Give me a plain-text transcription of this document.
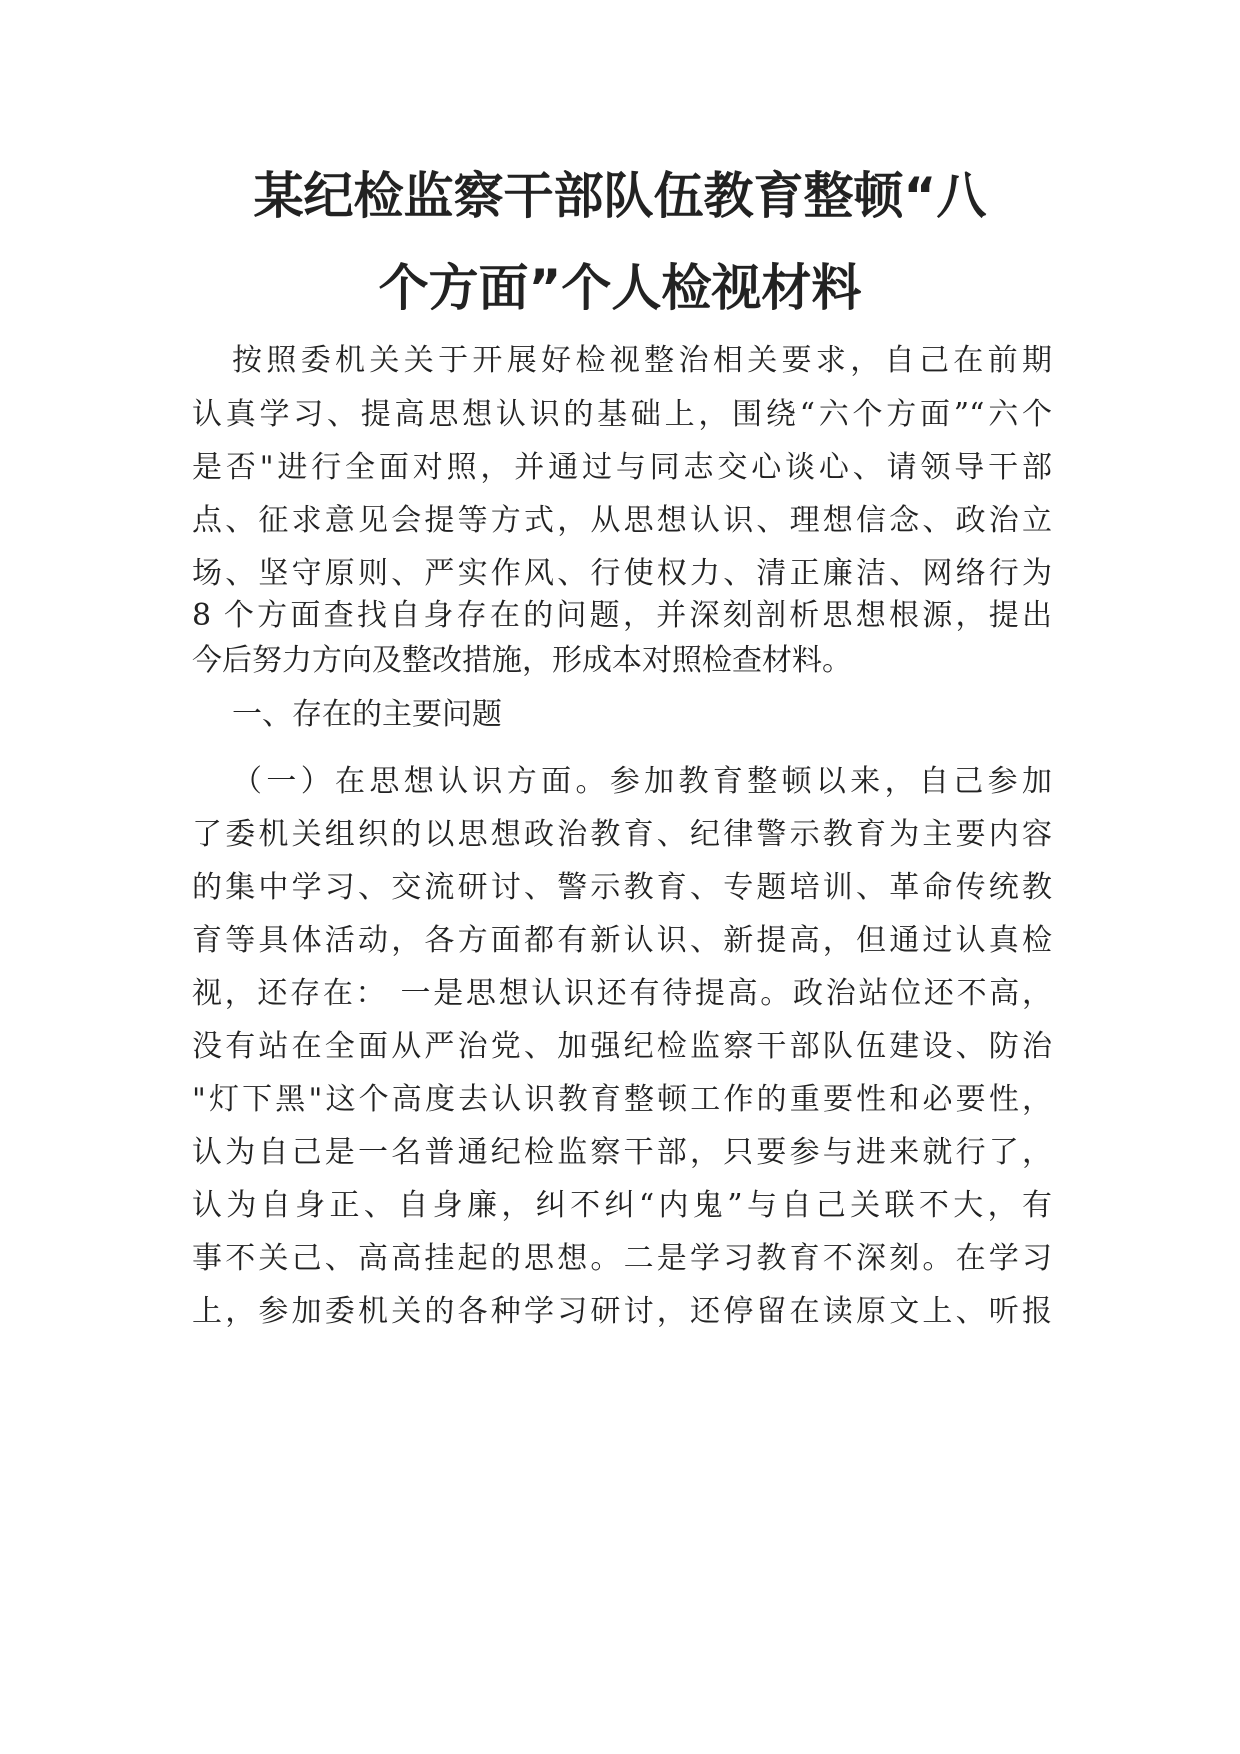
某纪检监察干部队伍教育整顿“八
个方面”个人检视材料
按照委机关关于开展好检视整治相关要求，自己在前期
认真学习、提高思想认识的基础上，围绕“六个方面”“六个
是否"进行全面对照，并通过与同志交心谈心、请领导干部
点、征求意见会提等方式，从思想认识、理想信念、政治立
场、坚守原则、严实作风、行使权力、清正廉洁、网络行为
8 个方面查找自身存在的问题，并深刻剖析思想根源，提出
今后努力方向及整改措施，形成本对照检查材料。
一、存在的主要问题
（一）在思想认识方面。参加教育整顿以来，自己参加
了委机关组织的以思想政治教育、纪律警示教育为主要内容
的集中学习、交流研讨、警示教育、专题培训、革命传统教
育等具体活动，各方面都有新认识、新提高，但通过认真检
视，还存在： 一是思想认识还有待提高。政治站位还不高，
没有站在全面从严治党、加强纪检监察干部队伍建设、防治
"灯下黑"这个高度去认识教育整顿工作的重要性和必要性，
认为自己是一名普通纪检监察干部，只要参与进来就行了，
认为自身正、自身廉，纠不纠“内鬼”与自己关联不大，有
事不关己、高高挂起的思想。二是学习教育不深刻。在学习
上，参加委机关的各种学习研讨，还停留在读原文上、听报
